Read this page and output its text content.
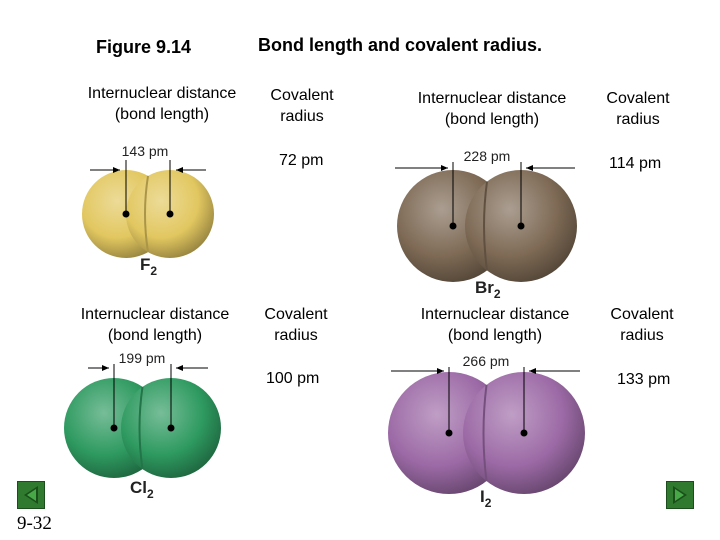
Figure 9.14	Bond length and covalent radius.
Internuclear distance
(bond length)
Covalent
radius
Internuclear distance
(bond length)
Covalent
radius
Internuclear distance
(bond length)
Covalent
radius
Internuclear distance
(bond length)
Covalent
radius
72 pm	114 pm
100 pm	133 pm
143 pm
$F_2$
228 pm
$Br_2$
199 pm
$Cl_2$
266 pm
$I_2$
9-32
